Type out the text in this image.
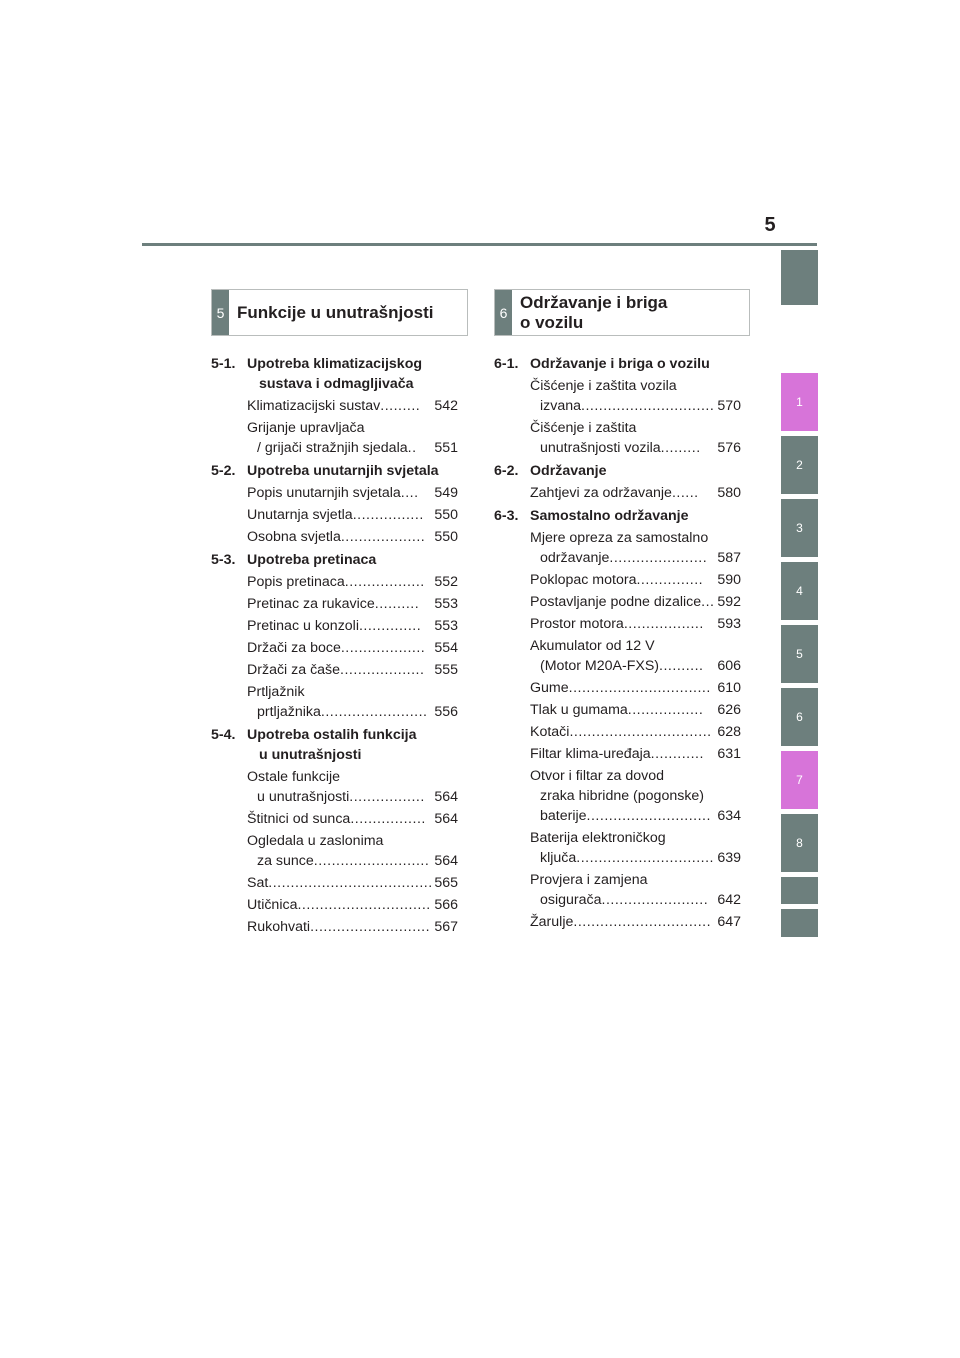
5
1
2
3
4
5
6
7
8
5 Funkcije u unutrašnjosti	6
Održavanje i briga
o vozilu
5-1. Upotreba klimatizacijskog
sustava i odmagljivača
Klimatizacijski sustav ......... 542
Grijanje upravljača
/ grijači stražnjih sjedala ..	551
5-2. Upotreba unutarnjih svjetala
Popis unutarnjih svjetala ....	549
Unutarnja svjetla ................ 550
Osobna svjetla ................... 550
5-3. Upotreba pretinaca
Popis pretinaca .................. 552
Pretinac za rukavice ..........	553
Pretinac u konzoli .............. 553
Držači za boce ................... 554
Držači za čaše ................... 555
Prtljažnik
prtljažnika ........................ 556
5-4. Upotreba ostalih funkcija
u unutrašnjosti
Ostale funkcije
u unutrašnjosti ................. 564
Štitnici od sunca ................. 564
Ogledala u zaslonima
za sunce .......................... 564
Sat ..................................... 565
Utičnica .............................. 566
Rukohvati ........................... 567
6-1. Održavanje i briga o vozilu
Čišćenje i zaštita vozila
izvana .............................. 570
Čišćenje i zaštita
unutrašnjosti vozila .........	576
6-2. Održavanje
Zahtjevi za održavanje ......	580
6-3. Samostalno održavanje
Mjere opreza za samostalno
održavanje ...................... 587
Poklopac motora ...............	590
Postavljanje podne dizalice ... 592
Prostor motora .................. 593
Akumulator od 12 V
(Motor M20A-FXS) .......... 606
Gume ................................ 610
Tlak u gumama ................. 626
Kotači ................................ 628
Filtar klima-uređaja ............ 631
Otvor i filtar za dovod
zraka hibridne (pogonske)
baterije ............................ 634
Baterija elektroničkog
ključa ............................... 639
Provjera i zamjena
osigurača ........................ 642
Žarulje ............................... 647
